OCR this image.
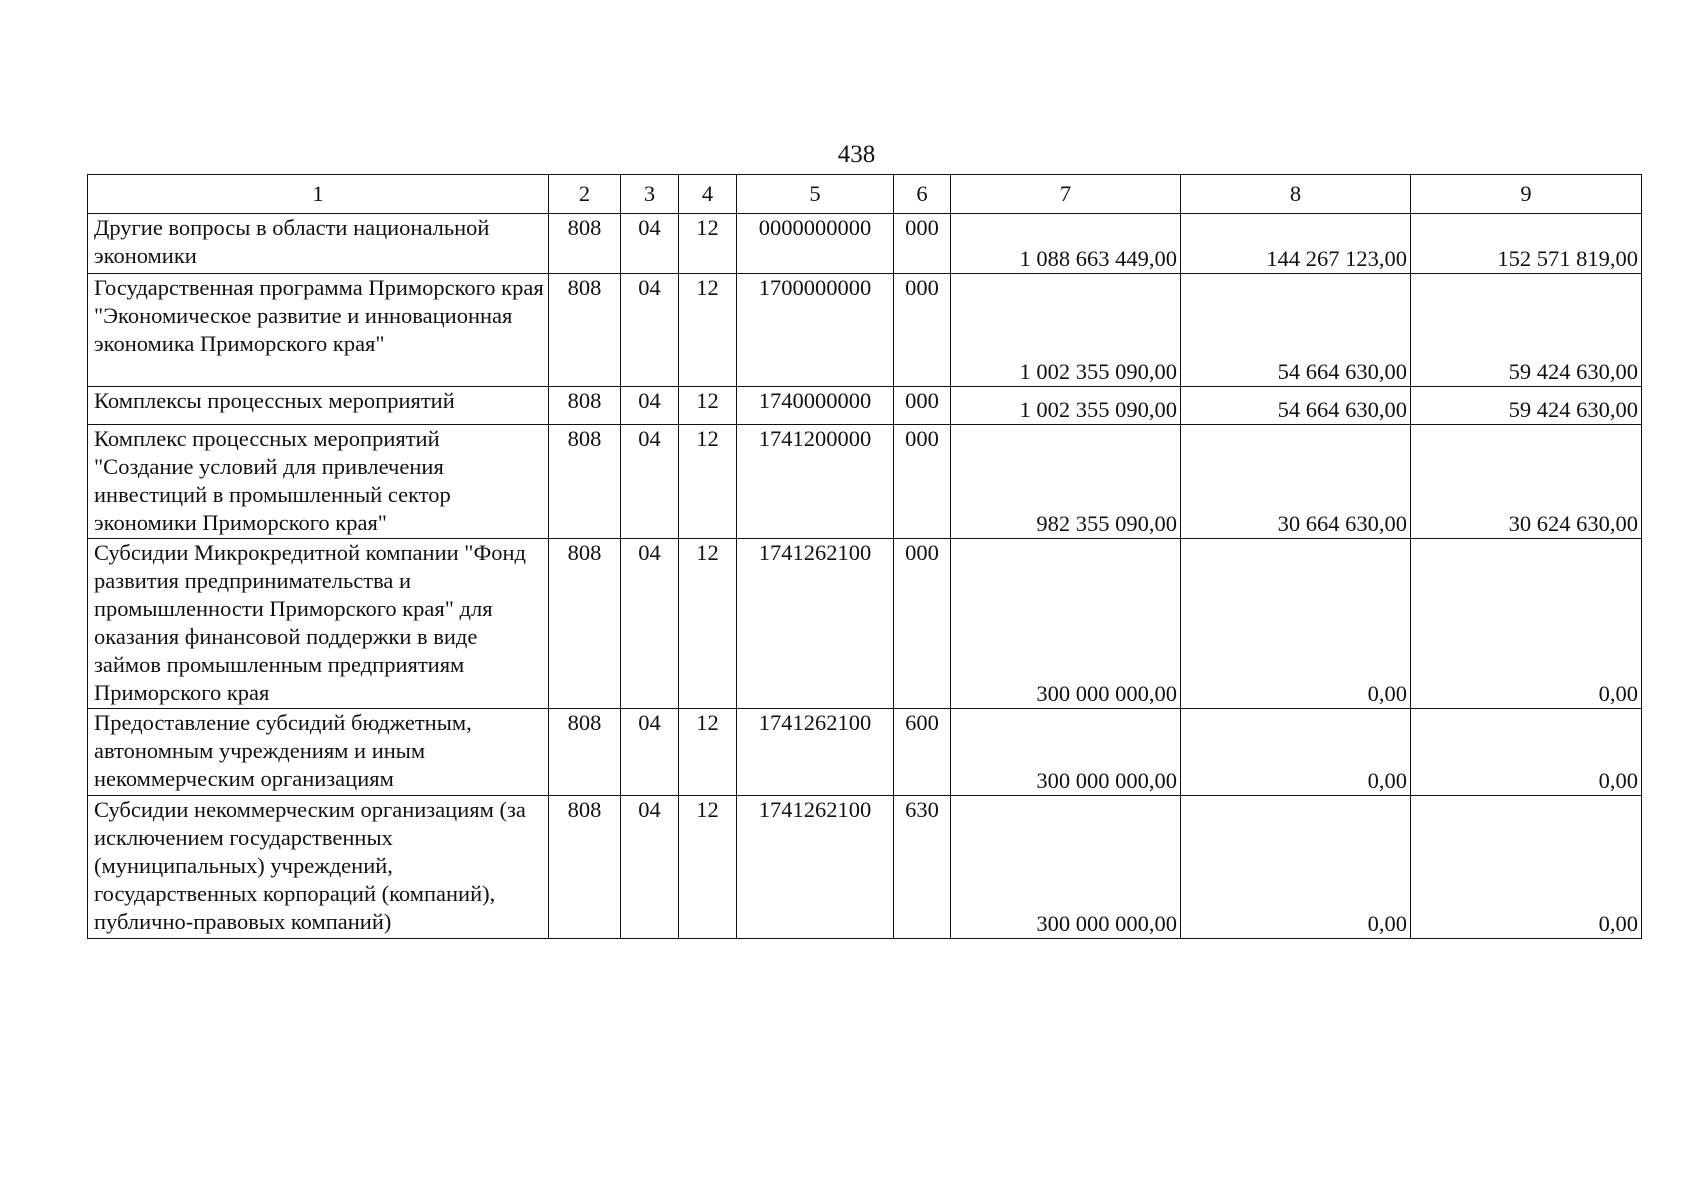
438
1	2	3	4	5	6	7	8	9
Другие вопросы в области национальной экономики	808	04	12	0000000000	000	1 088 663 449,00	144 267 123,00	152 571 819,00
Государственная программа Приморского края "Экономическое развитие и инновационная экономика Приморского края"	808	04	12	1700000000	000	1 002 355 090,00	54 664 630,00	59 424 630,00
Комплексы процессных мероприятий	808	04	12	1740000000	000	1 002 355 090,00	54 664 630,00	59 424 630,00
Комплекс процессных мероприятий "Создание условий для привлечения инвестиций в промышленный сектор экономики Приморского края"	808	04	12	1741200000	000	982 355 090,00	30 664 630,00	30 624 630,00
Субсидии Микрокредитной компании "Фонд развития предпринимательства и промышленности Приморского края" для оказания финансовой поддержки в виде займов промышленным предприятиям Приморского края	808	04	12	1741262100	000	300 000 000,00	0,00	0,00
Предоставление субсидий бюджетным, автономным учреждениям и иным некоммерческим организациям	808	04	12	1741262100	600	300 000 000,00	0,00	0,00
Субсидии некоммерческим организациям (за исключением государственных (муниципальных) учреждений, государственных корпораций (компаний), публично-правовых компаний)	808	04	12	1741262100	630	300 000 000,00	0,00	0,00
